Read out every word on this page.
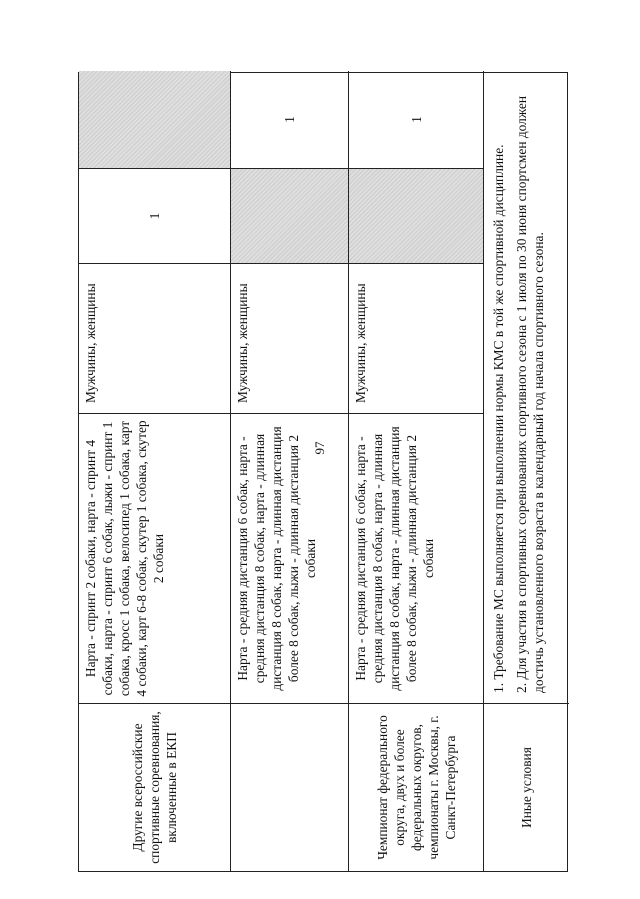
97
Другие всероссийские спортивные соревнования, включенные в ЕКП
Нарта - спринт 2 собаки, нарта - спринт 4 собаки, нарта - спринт 6 собак, лыжи - спринт 1 собака, кросс 1 собака, велосипед 1 собака, карт 4 собаки, карт 6-8 собак, скутер 1 собака, скутер 2 собаки
Мужчины, женщины
1
Нарта - средняя дистанция 6 собак, нарта - средняя дистанция 8 собак, нарта - длинная дистанция 8 собак, нарта - длинная дистанция более 8 собак, лыжи - длинная дистанция 2 собаки
Мужчины, женщины
1
Чемпионат федерального округа, двух и более федеральных округов, чемпионаты г. Москвы, г. Санкт-Петербурга
Нарта - средняя дистанция 6 собак, нарта - средняя дистанция 8 собак, нарта - длинная дистанция 8 собак, нарта - длинная дистанция более 8 собак, лыжи - длинная дистанция 2 собаки
Мужчины, женщины
1
Иные условия

1. Требование МС выполняется при выполнении нормы КМС в той же спортивной дисциплине. 2. Для участия в спортивных соревнованиях спортивного сезона с 1 июля по 30 июня спортсмен должен достичь установленного возраста в календарный год начала спортивного сезона.
